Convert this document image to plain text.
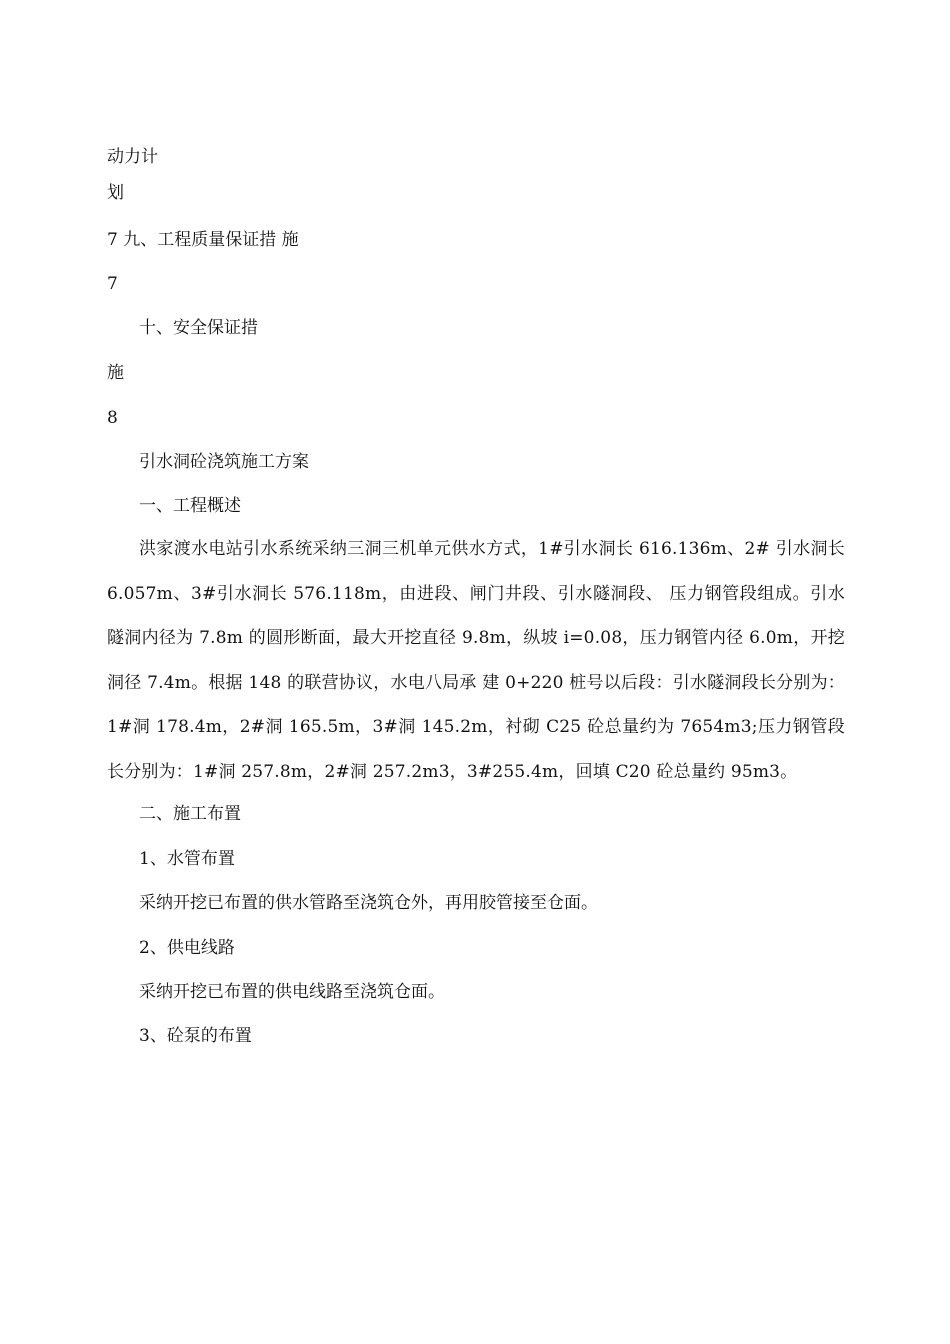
动力计
划
7 九、工程质量保证措 施
7
十、安全保证措
施
8
引水洞砼浇筑施工方案
一、工程概述
洪家渡水电站引水系统采纳三洞三机单元供水方式，1#引水洞长 616.136m、2# 引水洞长 6.057m、3#引水洞长 576.118m，由进段、闸门井段、引水隧洞段、 压力钢管段组成。引水隧洞内径为 7.8m 的圆形断面，最大开挖直径 9.8m，纵坡 i=0.08，压力钢管内径 6.0m，开挖洞径 7.4m。根据 148 的联营协议，水电八局承 建 0+220 桩号以后段：引水隧洞段长分别为：1#洞 178.4m，2#洞 165.5m，3#洞 145.2m，衬砌 C25 砼总量约为 7654m3;压力钢管段长分别为：1#洞 257.8m，2#洞 257.2m3，3#255.4m，回填 C20 砼总量约 95m3。
二、施工布置
1、水管布置
采纳开挖已布置的供水管路至浇筑仓外，再用胶管接至仓面。
2、供电线路
采纳开挖已布置的供电线路至浇筑仓面。
3、砼泵的布置
